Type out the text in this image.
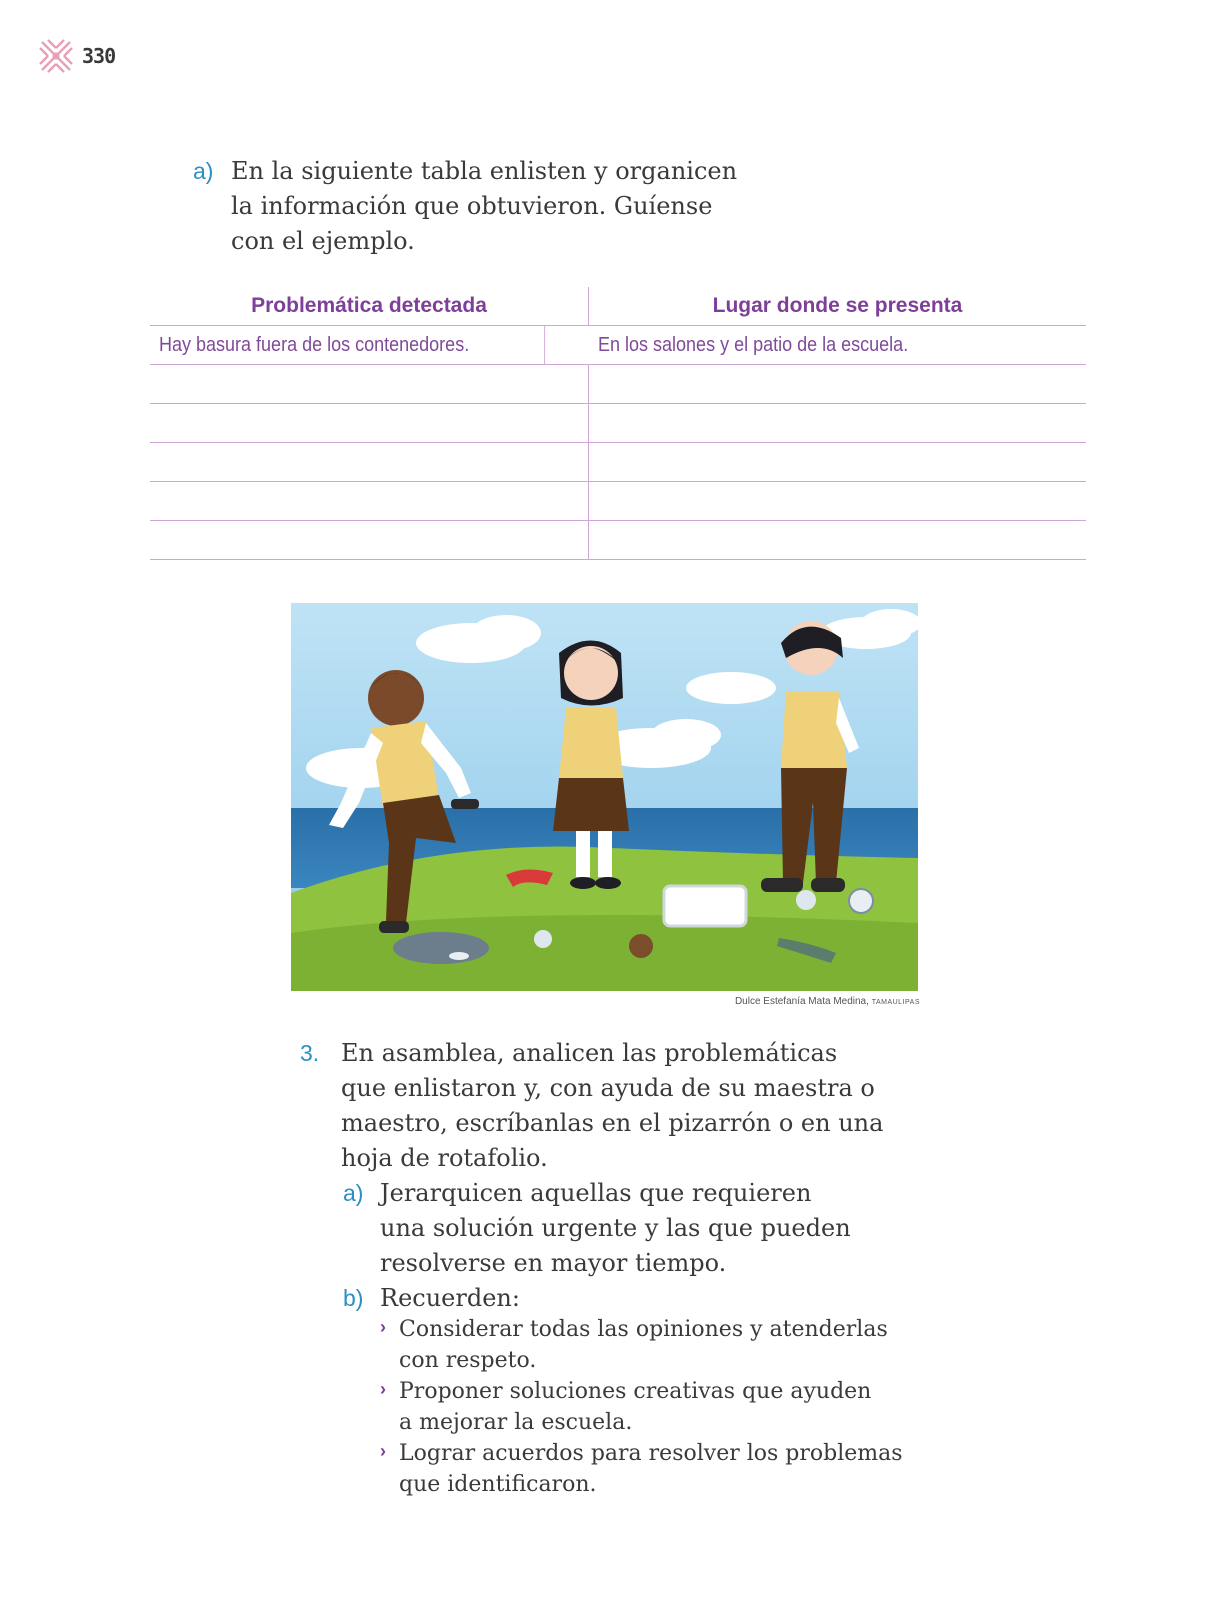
330
a) En la siguiente tabla enlisten y organicen
la información que obtuvieron. Guíense
con el ejemplo.
Problemática detectada	Lugar donde se presenta
Hay basura fuera de los contenedores.	En los salones y el patio de la escuela.
Dulce Estefanía Mata Medina, TAMAULIPAS
3. En asamblea, analicen las problemáticas
que enlistaron y, con ayuda de su maestra o
maestro, escríbanlas en el pizarrón o en una
hoja de rotafolio.
a) Jerarquicen aquellas que requieren
una solución urgente y las que pueden
resolverse en mayor tiempo.
b) Recuerden:
› Considerar todas las opiniones y atenderlas
con respeto.
› Proponer soluciones creativas que ayuden
a mejorar la escuela.
› Lograr acuerdos para resolver los problemas
que identificaron.
